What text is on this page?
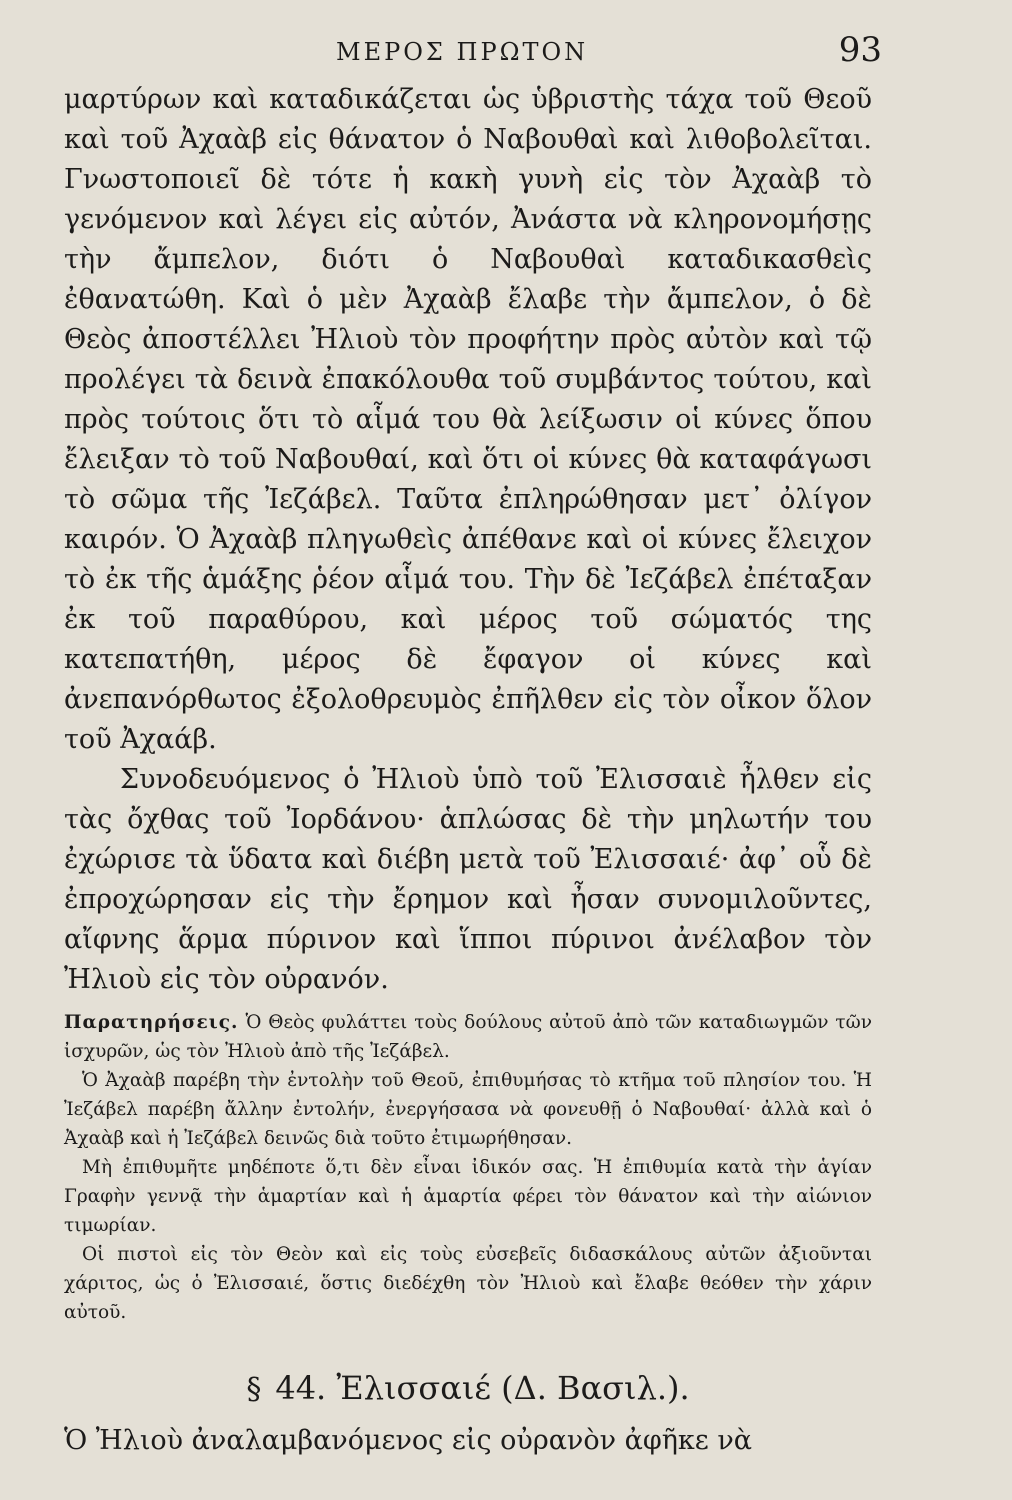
ΜΕΡΟΣ ΠΡΩΤΟΝ	93

μαρτύρων καὶ καταδικάζεται ὡς ὑβριστὴς τάχα τοῦ Θεοῦ καὶ τοῦ Ἀχαὰβ εἰς θάνατον ὁ Ναβουθαὶ καὶ λιθοβολεῖται. Γνωστοποιεῖ δὲ τότε ἡ κακὴ γυνὴ εἰς τὸν Ἀχαὰβ τὸ γενόμενον καὶ λέγει εἰς αὐτόν, Ἀνάστα νὰ κληρονομήσῃς τὴν ἄμπελον, διότι ὁ Ναβουθαὶ καταδικασθεὶς ἐθανατώθη. Καὶ ὁ μὲν Ἀχαὰβ ἔλαβε τὴν ἄμπελον, ὁ δὲ Θεὸς ἀποστέλλει Ἠλιοὺ τὸν προφήτην πρὸς αὐτὸν καὶ τῷ προλέγει τὰ δεινὰ ἐπακόλουθα τοῦ συμβάντος τούτου, καὶ πρὸς τούτοις ὅτι τὸ αἷμά του θὰ λείξωσιν οἱ κύνες ὅπου ἔλειξαν τὸ τοῦ Ναβουθαί, καὶ ὅτι οἱ κύνες θὰ καταφάγωσι τὸ σῶμα τῆς Ἰεζάβελ. Ταῦτα ἐπληρώθησαν μετ᾽ ὀλίγον καιρόν. Ὁ Ἀχαὰβ πληγωθεὶς ἀπέθανε καὶ οἱ κύνες ἔλειχον τὸ ἐκ τῆς ἁμάξης ῥέον αἷμά του. Τὴν δὲ Ἰεζάβελ ἐπέταξαν ἐκ τοῦ παραθύρου, καὶ μέρος τοῦ σώματός της κατεπατήθη, μέρος δὲ ἔφαγον οἱ κύνες καὶ ἀνεπανόρθωτος ἐξολοθρευμὸς ἐπῆλθεν εἰς τὸν οἶκον ὅλον τοῦ Ἀχαάβ.

Συνοδευόμενος ὁ Ἠλιοὺ ὑπὸ τοῦ Ἐλισσαιὲ ἦλθεν εἰς τὰς ὄχθας τοῦ Ἰορδάνου· ἁπλώσας δὲ τὴν μηλωτήν του ἐχώρισε τὰ ὕδατα καὶ διέβη μετὰ τοῦ Ἐλισσαιέ· ἀφ᾽ οὗ δὲ ἐπροχώρησαν εἰς τὴν ἔρημον καὶ ἦσαν συνομιλοῦντες, αἴφνης ἅρμα πύρινον καὶ ἵπποι πύρινοι ἀνέλαβον τὸν Ἠλιοὺ εἰς τὸν οὐρανόν.

Παρατηρήσεις. Ὁ Θεὸς φυλάττει τοὺς δούλους αὐτοῦ ἀπὸ τῶν καταδιωγμῶν τῶν ἰσχυρῶν, ὡς τὸν Ἠλιοὺ ἀπὸ τῆς Ἰεζάβελ.

Ὁ Ἀχαὰβ παρέβη τὴν ἐντολὴν τοῦ Θεοῦ, ἐπιθυμήσας τὸ κτῆμα τοῦ πλησίον του. Ἡ Ἰεζάβελ παρέβη ἄλλην ἐντολήν, ἐνεργήσασα νὰ φονευθῇ ὁ Ναβουθαί· ἀλλὰ καὶ ὁ Ἀχαὰβ καὶ ἡ Ἰεζάβελ δεινῶς διὰ τοῦτο ἐτιμωρήθησαν.

Μὴ ἐπιθυμῆτε μηδέποτε ὅ,τι δὲν εἶναι ἰδικόν σας. Ἡ ἐπιθυμία κατὰ τὴν ἁγίαν Γραφὴν γεννᾷ τὴν ἁμαρτίαν καὶ ἡ ἁμαρτία φέρει τὸν θάνατον καὶ τὴν αἰώνιον τιμωρίαν.

Οἱ πιστοὶ εἰς τὸν Θεὸν καὶ εἰς τοὺς εὐσεβεῖς διδασκάλους αὐτῶν ἀξιοῦνται χάριτος, ὡς ὁ Ἐλισσαιέ, ὅστις διεδέχθη τὸν Ἠλιοὺ καὶ ἔλαβε θεόθεν τὴν χάριν αὐτοῦ.

§ 44. Ἐλισσαιέ (Δ. Βασιλ.).
Ὁ Ἠλιοὺ ἀναλαμβανόμενος εἰς οὐρανὸν ἀφῆκε νὰ
